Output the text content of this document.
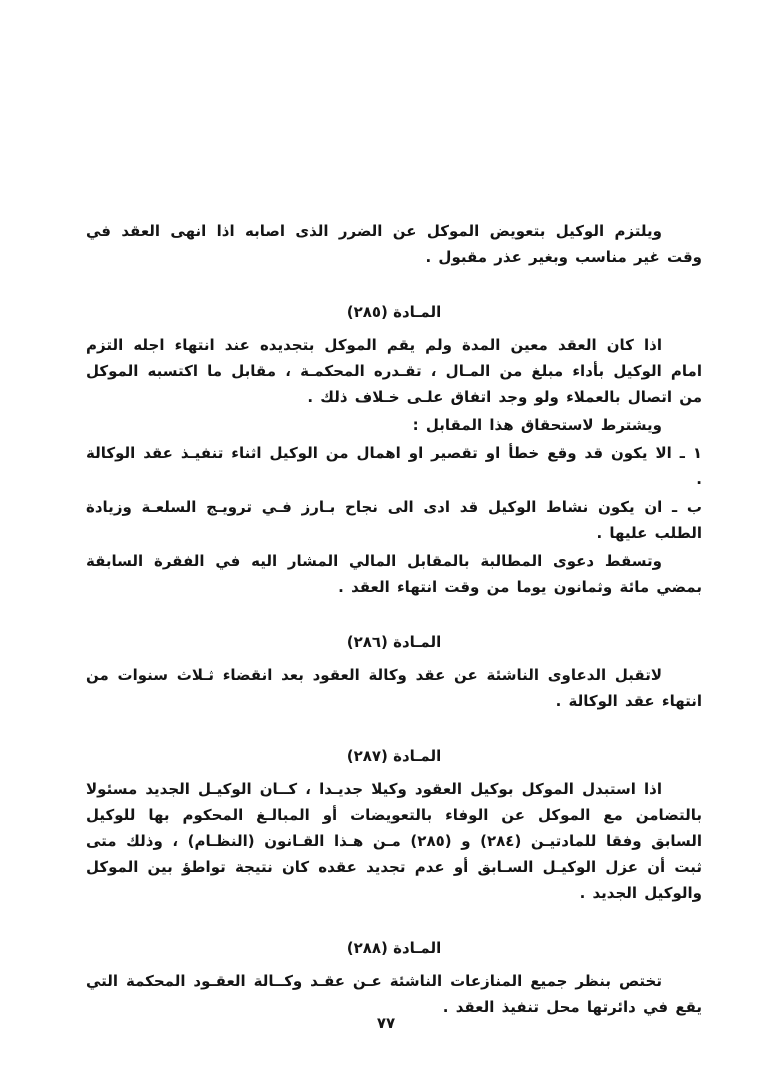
ويلتزم الوكيل بتعويض الموكل عن الضرر الذى اصابه اذا انهى العقد في وقت غير مناسب وبغير عذر مقبول .

المـادة (٢٨٥)

اذا كان العقد معين المدة ولم يقم الموكل بتجديده عند انتهاء اجله التزم امام الوكيل بأداء مبلغ من المـال ، تقـدره المحكمـة ، مقابل ما اكتسبه الموكل من اتصال بالعملاء ولو وجد اتفاق علـى خـلاف ذلك .

ويشترط لاستحقاق هذا المقابل :

١ ـ الا يكون قد وقع خطأ او تقصير او اهمال من الوكيل اثناء تنفيـذ عقد الوكالة .

ب ـ ان يكون نشاط الوكيل قد ادى الى نجاح بـارز فـي ترويـج السلعـة وزيادة الطلب عليها .

وتسقط دعوى المطالبة بالمقابل المالي المشار اليه في الفقرة السابقة بمضي مائة وثمانون يوما من وقت انتهاء العقد .

المـادة (٢٨٦)

لاتقبل الدعاوى الناشئة عن عقد وكالة العقود بعد انقضاء ثـلاث سنوات من انتهاء عقد الوكالة .

المـادة (٢٨٧)

اذا استبدل الموكل بوكيل العقود وكيلا جديـدا ، كــان الوكيـل الجديد مسئولا بالتضامن مع الموكل عن الوفاء بالتعويضات أو المبالـغ المحكوم بها للوكيل السابق وفقا للمادتيـن (٢٨٤) و (٢٨٥) مـن هـذا القـانون (النظـام) ، وذلك متى ثبت أن عزل الوكيـل السـابق أو عدم تجديد عقده كان نتيجة تواطؤ بين الموكل والوكيل الجديد .

المـادة (٢٨٨)

تختص بنظر جميع المنازعات الناشئة عـن عقـد وكــالة العقـود المحكمة التي يقع في دائرتها محل تنفيذ العقد .

٧٧
